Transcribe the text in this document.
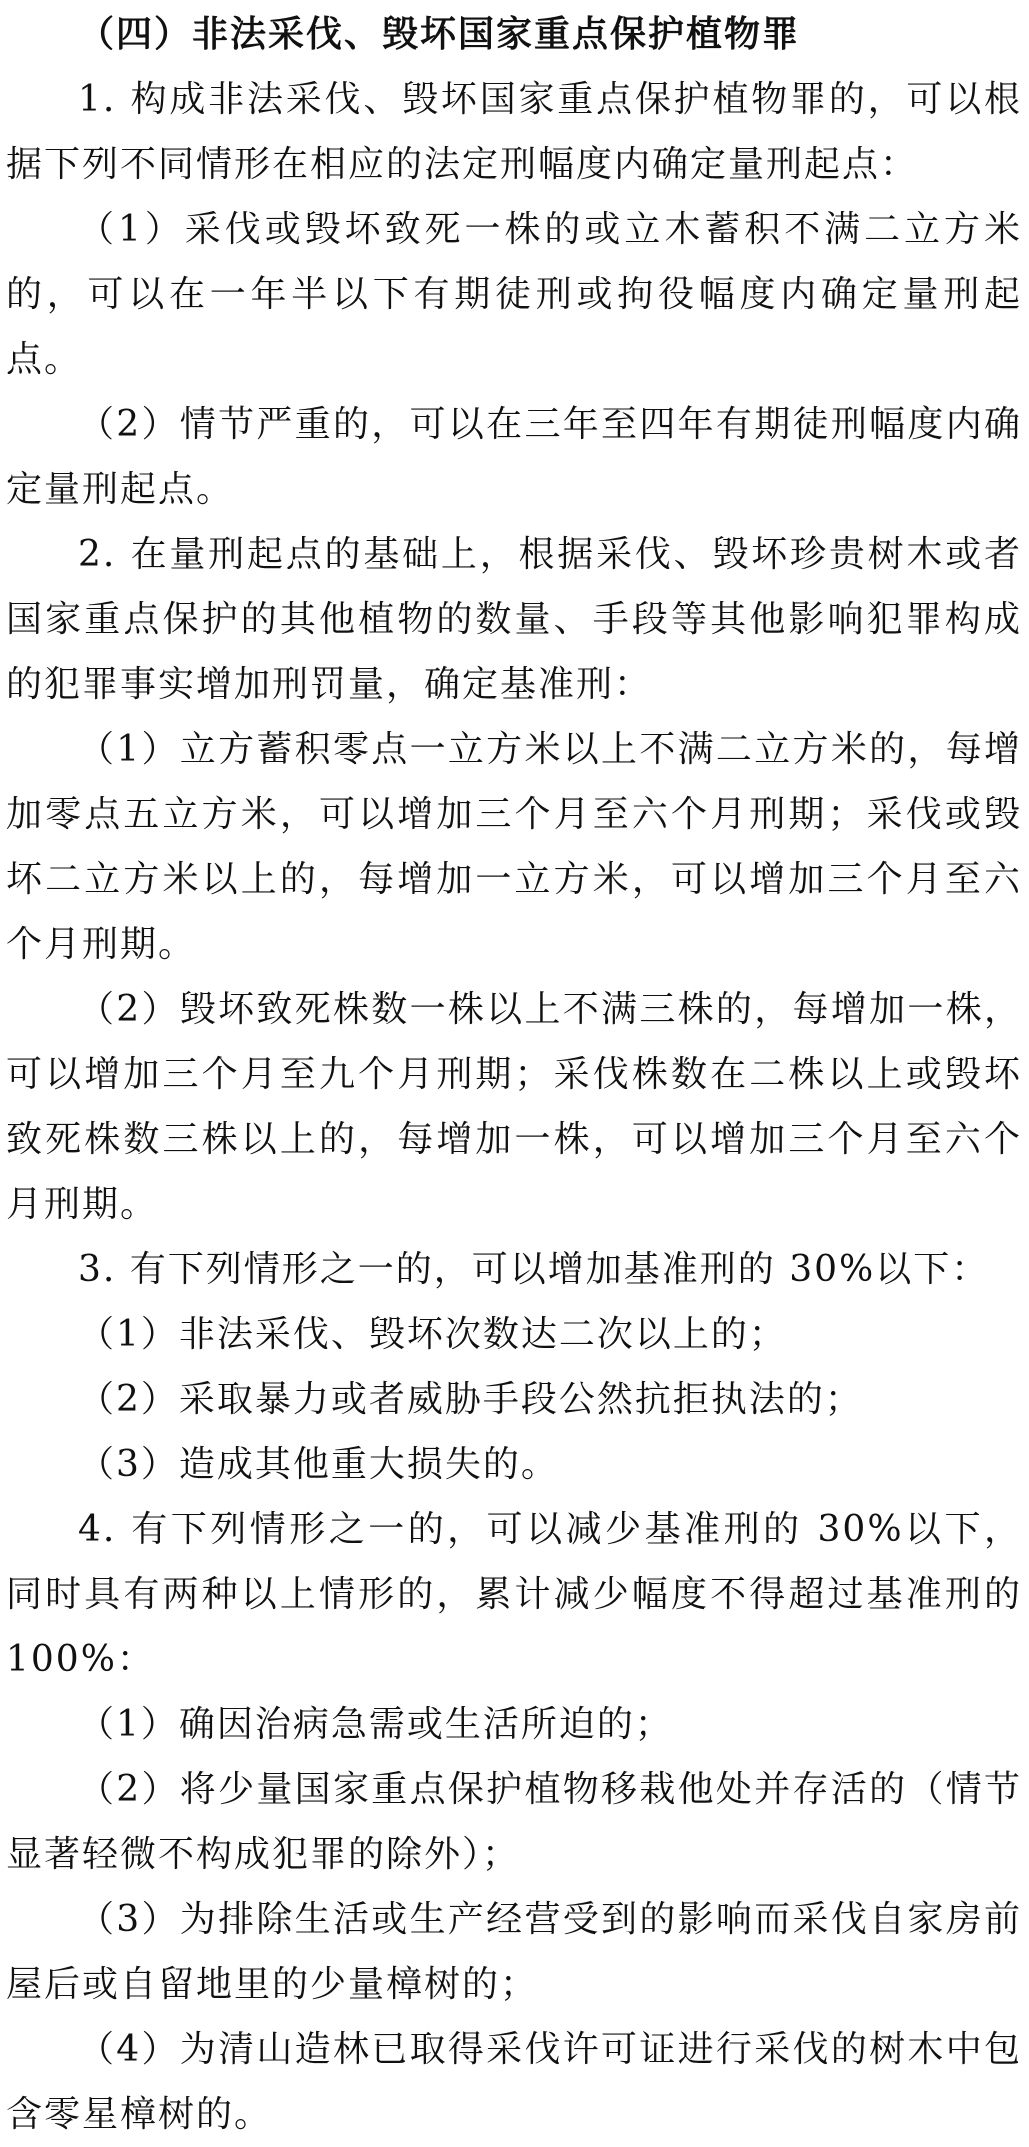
（四）非法采伐、毁坏国家重点保护植物罪

1. 构成非法采伐、毁坏国家重点保护植物罪的，可以根据下列不同情形在相应的法定刑幅度内确定量刑起点：

（1）采伐或毁坏致死一株的或立木蓄积不满二立方米的，可以在一年半以下有期徒刑或拘役幅度内确定量刑起点。

（2）情节严重的，可以在三年至四年有期徒刑幅度内确定量刑起点。

2. 在量刑起点的基础上，根据采伐、毁坏珍贵树木或者国家重点保护的其他植物的数量、手段等其他影响犯罪构成的犯罪事实增加刑罚量，确定基准刑：

（1）立方蓄积零点一立方米以上不满二立方米的，每增加零点五立方米，可以增加三个月至六个月刑期；采伐或毁坏二立方米以上的，每增加一立方米，可以增加三个月至六个月刑期。

（2）毁坏致死株数一株以上不满三株的，每增加一株，可以增加三个月至九个月刑期；采伐株数在二株以上或毁坏致死株数三株以上的，每增加一株，可以增加三个月至六个月刑期。

3. 有下列情形之一的，可以增加基准刑的 30%以下：

（1）非法采伐、毁坏次数达二次以上的；

（2）采取暴力或者威胁手段公然抗拒执法的；

（3）造成其他重大损失的。

4. 有下列情形之一的，可以减少基准刑的 30%以下，同时具有两种以上情形的，累计减少幅度不得超过基准刑的 100%：

（1）确因治病急需或生活所迫的；

（2）将少量国家重点保护植物移栽他处并存活的（情节显著轻微不构成犯罪的除外）；

（3）为排除生活或生产经营受到的影响而采伐自家房前屋后或自留地里的少量樟树的；

（4）为清山造林已取得采伐许可证进行采伐的树木中包含零星樟树的。
